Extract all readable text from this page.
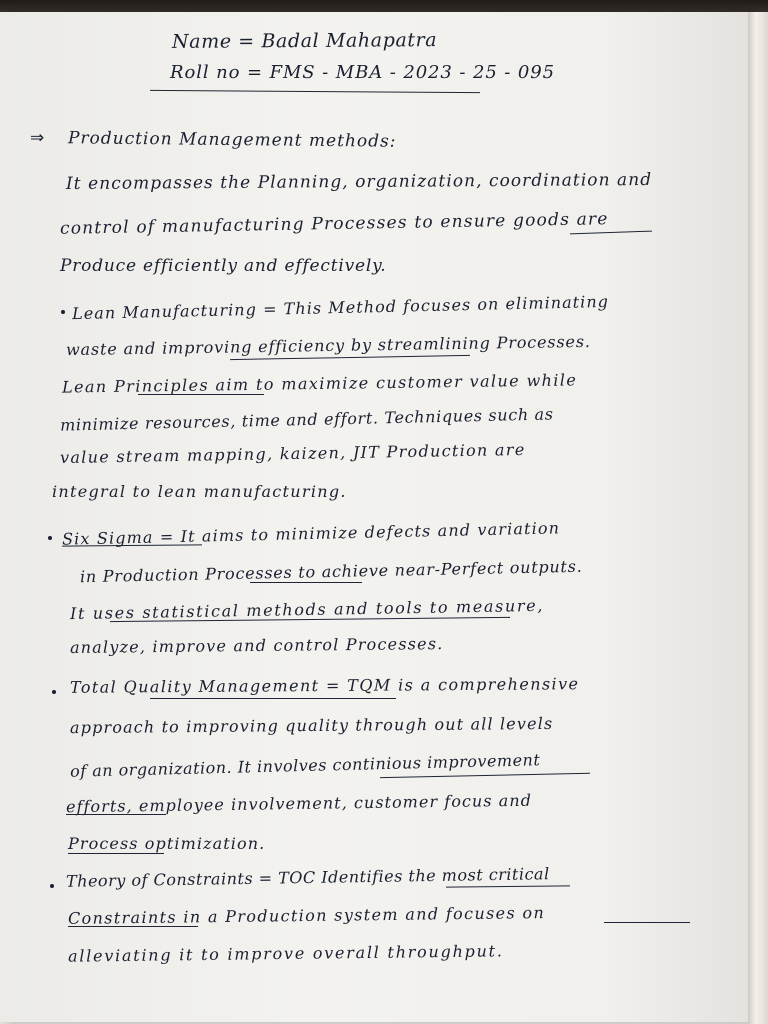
Name = Badal Mahapatra
Roll no = FMS - MBA - 2023 - 25 - 095
⇒ Production Management methods:
It encompasses the Planning, organization, coordination and
control of manufacturing Processes to ensure goods are
Produce efficiently and effectively.
Lean Manufacturing = This Method focuses on eliminating
waste and improving efficiency by streamlining Processes.
Lean Principles aim to maximize customer value while
minimize resources, time and effort. Techniques such as
value stream mapping, kaizen, JIT Production are
integral to lean manufacturing.
Six Sigma = It aims to minimize defects and variation
in Production Processes to achieve near-Perfect outputs.
It uses statistical methods and tools to measure,
analyze, improve and control Processes.
Total Quality Management = TQM is a comprehensive
approach to improving quality through out all levels
of an organization. It involves continious improvement
efforts, employee involvement, customer focus and
Process optimization.
Theory of Constraints = TOC Identifies the most critical
Constraints in a Production system and focuses on
alleviating it to improve overall throughput.
